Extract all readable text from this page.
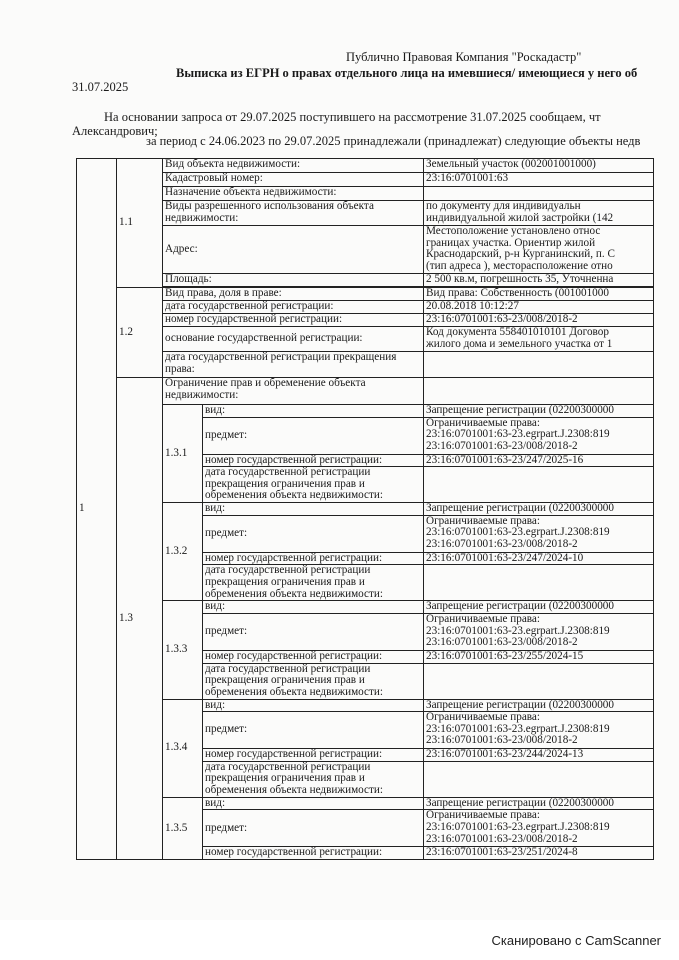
Публично Правовая Компания "Роскадастр"
Выписка из ЕГРН о правах отдельного лица на имевшиеся/ имеющиеся у него об
31.07.2025
На основании запроса от 29.07.2025 поступившего на рассмотрение 31.07.2025 сообщаем, чт
Александрович;
за период с 24.06.2023 по 29.07.2025 принадлежали (принадлежат) следующие объекты недв
1	1.1	Вид объекта недвижимости:		Земельный участок (002001001000)
		Кадастровый номер:		23:16:0701001:63
		Назначение объекта недвижимости:		
		Виды разрешенного использования объекта недвижимости:		по документу для индивидуальн
индивидуальной жилой застройки (142

		Адрес:		Местоположение установлено относ
границах участка. Ориентир жилой
Краснодарский, р-н Курганинский, п. С
(тип адреса ), месторасположение отно

		Площадь:		2 500 кв.м, погрешность 35, Уточненна

	1.2	Вид права, доля в праве:		Вид права: Собственность (001001000
		дата государственной регистрации:		20.08.2018 10:12:27
		номер государственной регистрации:		23:16:0701001:63-23/008/2018-2
		основание государственной регистрации:		Код документа 558401010101 Договор
жилого дома и земельного участка от 1

		дата государственной регистрации прекращения права:		
	1.3	Ограничение прав и обременение объекта недвижимости:		
		1.3.1	вид:	Запрещение регистрации (02200300000
			предмет:	Ограничиваемые права:
23:16:0701001:63-23.egrpart.J.2308:819
23:16:0701001:63-23/008/2018-2

			номер государственной регистрации:	23:16:0701001:63-23/247/2025-16
			дата государственной регистрации прекращения ограничения прав и обременения объекта недвижимости:	
		1.3.2	вид:	Запрещение регистрации (02200300000
			предмет:	Ограничиваемые права:
23:16:0701001:63-23.egrpart.J.2308:819
23:16:0701001:63-23/008/2018-2

			номер государственной регистрации:	23:16:0701001:63-23/247/2024-10
			дата государственной регистрации прекращения ограничения прав и обременения объекта недвижимости:	
		1.3.3	вид:	Запрещение регистрации (02200300000
			предмет:	Ограничиваемые права:
23:16:0701001:63-23.egrpart.J.2308:819
23:16:0701001:63-23/008/2018-2

			номер государственной регистрации:	23:16:0701001:63-23/255/2024-15
			дата государственной регистрации прекращения ограничения прав и обременения объекта недвижимости:	
		1.3.4	вид:	Запрещение регистрации (02200300000
			предмет:	Ограничиваемые права:
23:16:0701001:63-23.egrpart.J.2308:819
23:16:0701001:63-23/008/2018-2

			номер государственной регистрации:	23:16:0701001:63-23/244/2024-13
			дата государственной регистрации прекращения ограничения прав и обременения объекта недвижимости:	
		1.3.5	вид:	Запрещение регистрации (02200300000
			предмет:	Ограничиваемые права:
23:16:0701001:63-23.egrpart.J.2308:819
23:16:0701001:63-23/008/2018-2

			номер государственной регистрации:	23:16:0701001:63-23/251/2024-8
Сканировано с CamScanner
